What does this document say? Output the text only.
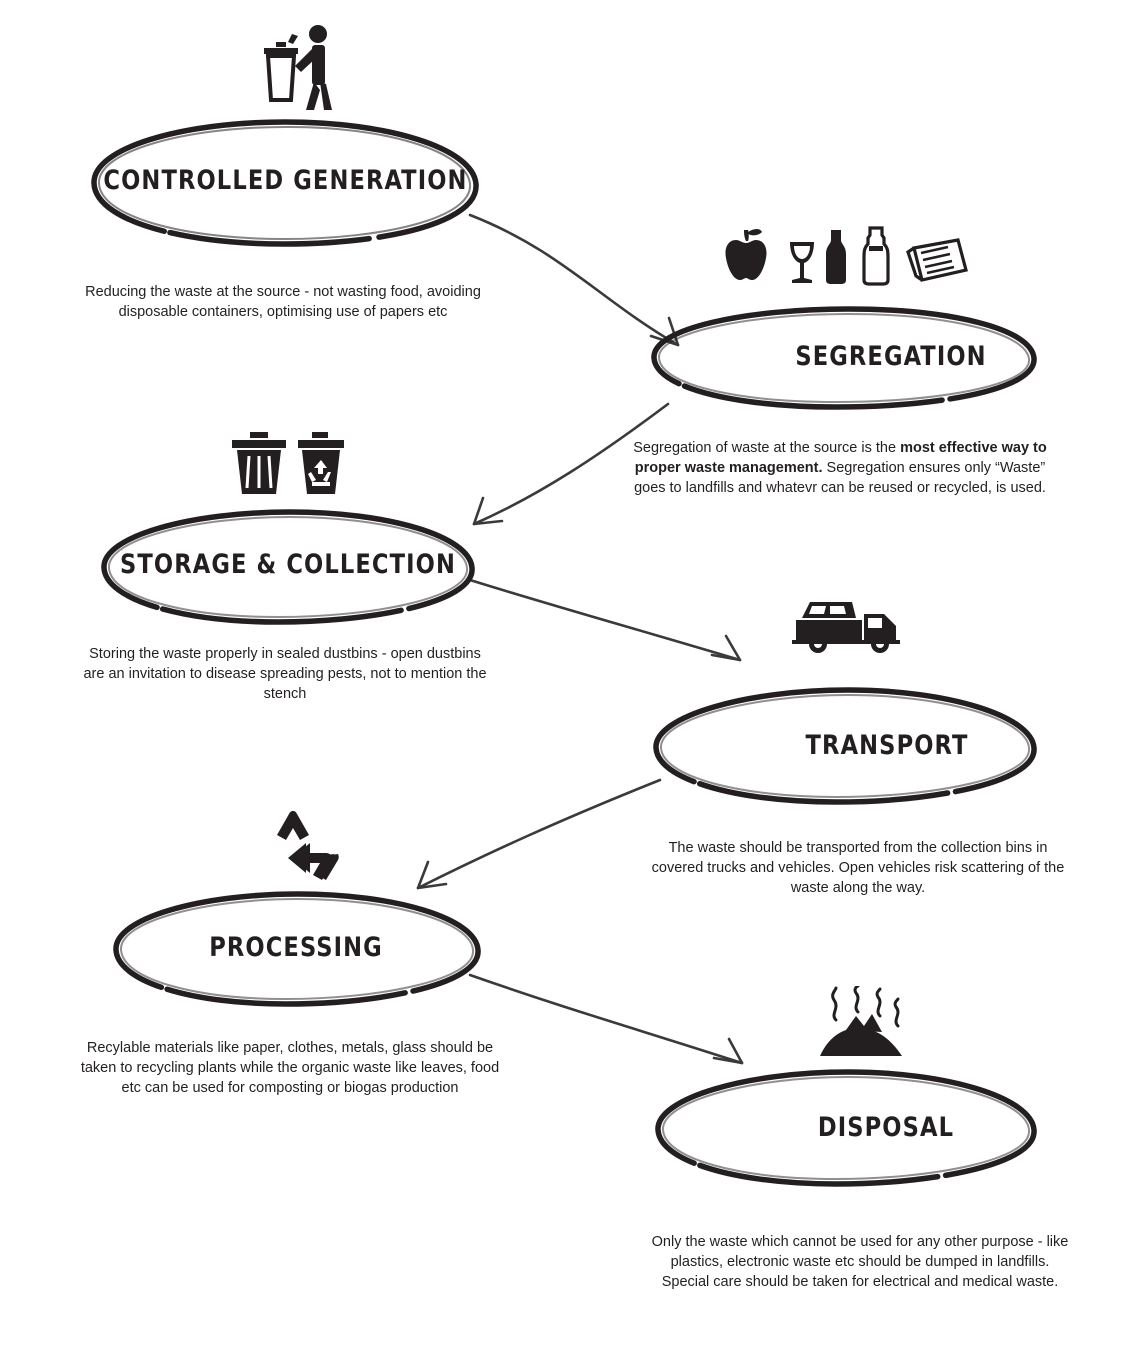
CONTROLLED GENERATION
Reducing the waste at the source - not wasting food, avoiding disposable containers, optimising use of papers etc
SEGREGATION
Segregation of waste at the source is the most effective way to proper waste management. Segregation ensures only “Waste” goes to landfills and whatevr can be reused or recycled, is used.
STORAGE & COLLECTION
Storing the waste properly in sealed dustbins - open dustbins are an invitation to disease spreading pests, not to mention the stench
TRANSPORT
The waste should be transported from the collection bins in covered trucks and vehicles. Open vehicles risk scattering of the waste along the way.
PROCESSING
Recylable materials like paper, clothes, metals, glass should be taken to recycling plants while the organic waste like leaves, food etc can be used for composting or biogas production
DISPOSAL
Only the waste which cannot be used for any other purpose - like plastics, electronic waste etc should be dumped in landfills. Special care should be taken for electrical and medical waste.
